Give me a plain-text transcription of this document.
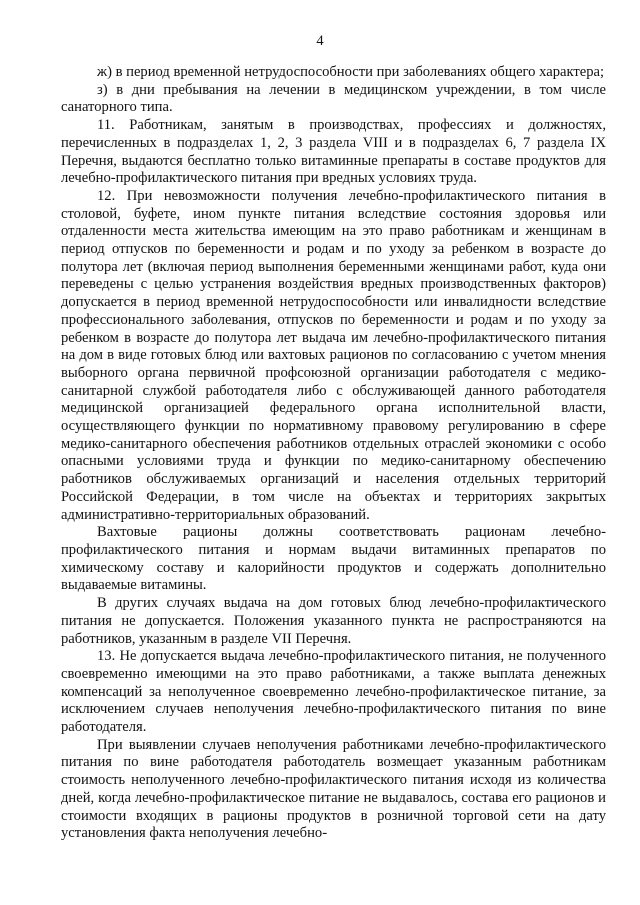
4

ж) в период временной нетрудоспособности при заболеваниях общего характера;

з) в дни пребывания на лечении в медицинском учреждении, в том числе санаторного типа.

11. Работникам, занятым в производствах, профессиях и должностях, перечисленных в подразделах 1, 2, 3 раздела VIII и в подразделах 6, 7 раздела IX Перечня, выдаются бесплатно только витаминные препараты в составе продуктов для лечебно-профилактического питания при вредных условиях труда.

12. При невозможности получения лечебно-профилактического питания в столовой, буфете, ином пункте питания вследствие состояния здоровья или отдаленности места жительства имеющим на это право работникам и женщинам в период отпусков по беременности и родам и по уходу за ребенком в возрасте до полутора лет (включая период выполнения беременными женщинами работ, куда они переведены с целью устранения воздействия вредных производственных факторов) допускается в период временной нетрудоспособности или инвалидности вследствие профессионального заболевания, отпусков по беременности и родам и по уходу за ребенком в возрасте до полутора лет выдача им лечебно-профилактического питания на дом в виде готовых блюд или вахтовых рационов по согласованию с учетом мнения выборного органа первичной профсоюзной организации работодателя с медико-санитарной службой работодателя либо с обслуживающей данного работодателя медицинской организацией федерального органа исполнительной власти, осуществляющего функции по нормативному правовому регулированию в сфере медико-санитарного обеспечения работников отдельных отраслей экономики с особо опасными условиями труда и функции по медико-санитарному обеспечению работников обслуживаемых организаций и населения отдельных территорий Российской Федерации, в том числе на объектах и территориях закрытых административно-территориальных образований.

Вахтовые рационы должны соответствовать рационам лечебно-профилактического питания и нормам выдачи витаминных препаратов по химическому составу и калорийности продуктов и содержать дополнительно выдаваемые витамины.

В других случаях выдача на дом готовых блюд лечебно-профилактического питания не допускается. Положения указанного пункта не распространяются на работников, указанным в разделе VII Перечня.

13. Не допускается выдача лечебно-профилактического питания, не полученного своевременно имеющими на это право работниками, а также выплата денежных компенсаций за неполученное своевременно лечебно-профилактическое питание, за исключением случаев неполучения лечебно-профилактического питания по вине работодателя.

При выявлении случаев неполучения работниками лечебно-профилактического питания по вине работодателя работодатель возмещает указанным работникам стоимость неполученного лечебно-профилактического питания исходя из количества дней, когда лечебно-профилактическое питание не выдавалось, состава его рационов и стоимости входящих в рационы продуктов в розничной торговой сети на дату установления факта неполучения лечебно-
